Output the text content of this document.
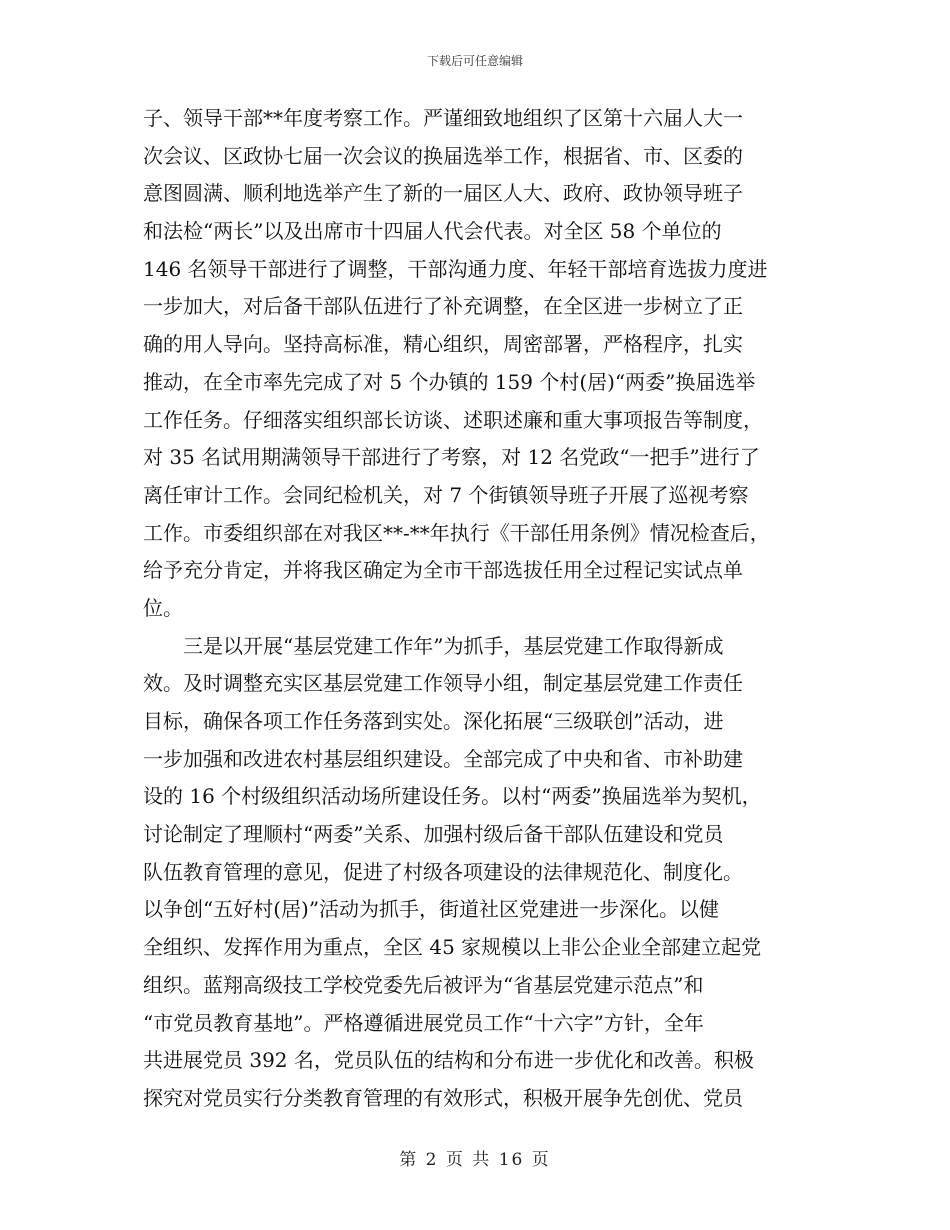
下载后可任意编辑
子、领导干部**年度考察工作。严谨细致地组织了区第十六届人大一
次会议、区政协七届一次会议的换届选举工作，根据省、市、区委的
意图圆满、顺利地选举产生了新的一届区人大、政府、政协领导班子
和法检“两长”以及出席市十四届人代会代表。对全区 58 个单位的
146 名领导干部进行了调整，干部沟通力度、年轻干部培育选拔力度进
一步加大，对后备干部队伍进行了补充调整，在全区进一步树立了正
确的用人导向。坚持高标准，精心组织，周密部署，严格程序，扎实
推动，在全市率先完成了对 5 个办镇的 159 个村(居)“两委”换届选举
工作任务。仔细落实组织部长访谈、述职述廉和重大事项报告等制度，
对 35 名试用期满领导干部进行了考察，对 12 名党政“一把手”进行了
离任审计工作。会同纪检机关，对 7 个街镇领导班子开展了巡视考察
工作。市委组织部在对我区**-**年执行《干部任用条例》情况检查后，
给予充分肯定，并将我区确定为全市干部选拔任用全过程记实试点单
位。
三是以开展“基层党建工作年”为抓手，基层党建工作取得新成
效。及时调整充实区基层党建工作领导小组，制定基层党建工作责任
目标，确保各项工作任务落到实处。深化拓展“三级联创”活动，进
一步加强和改进农村基层组织建设。全部完成了中央和省、市补助建
设的 16 个村级组织活动场所建设任务。以村“两委”换届选举为契机，
讨论制定了理顺村“两委”关系、加强村级后备干部队伍建设和党员
队伍教育管理的意见，促进了村级各项建设的法律规范化、制度化。
以争创“五好村(居)”活动为抓手，街道社区党建进一步深化。以健
全组织、发挥作用为重点，全区 45 家规模以上非公企业全部建立起党
组织。蓝翔高级技工学校党委先后被评为“省基层党建示范点”和
“市党员教育基地”。严格遵循进展党员工作“十六字”方针，全年
共进展党员 392 名，党员队伍的结构和分布进一步优化和改善。积极
探究对党员实行分类教育管理的有效形式，积极开展争先创优、党员
第 2 页 共 16 页
